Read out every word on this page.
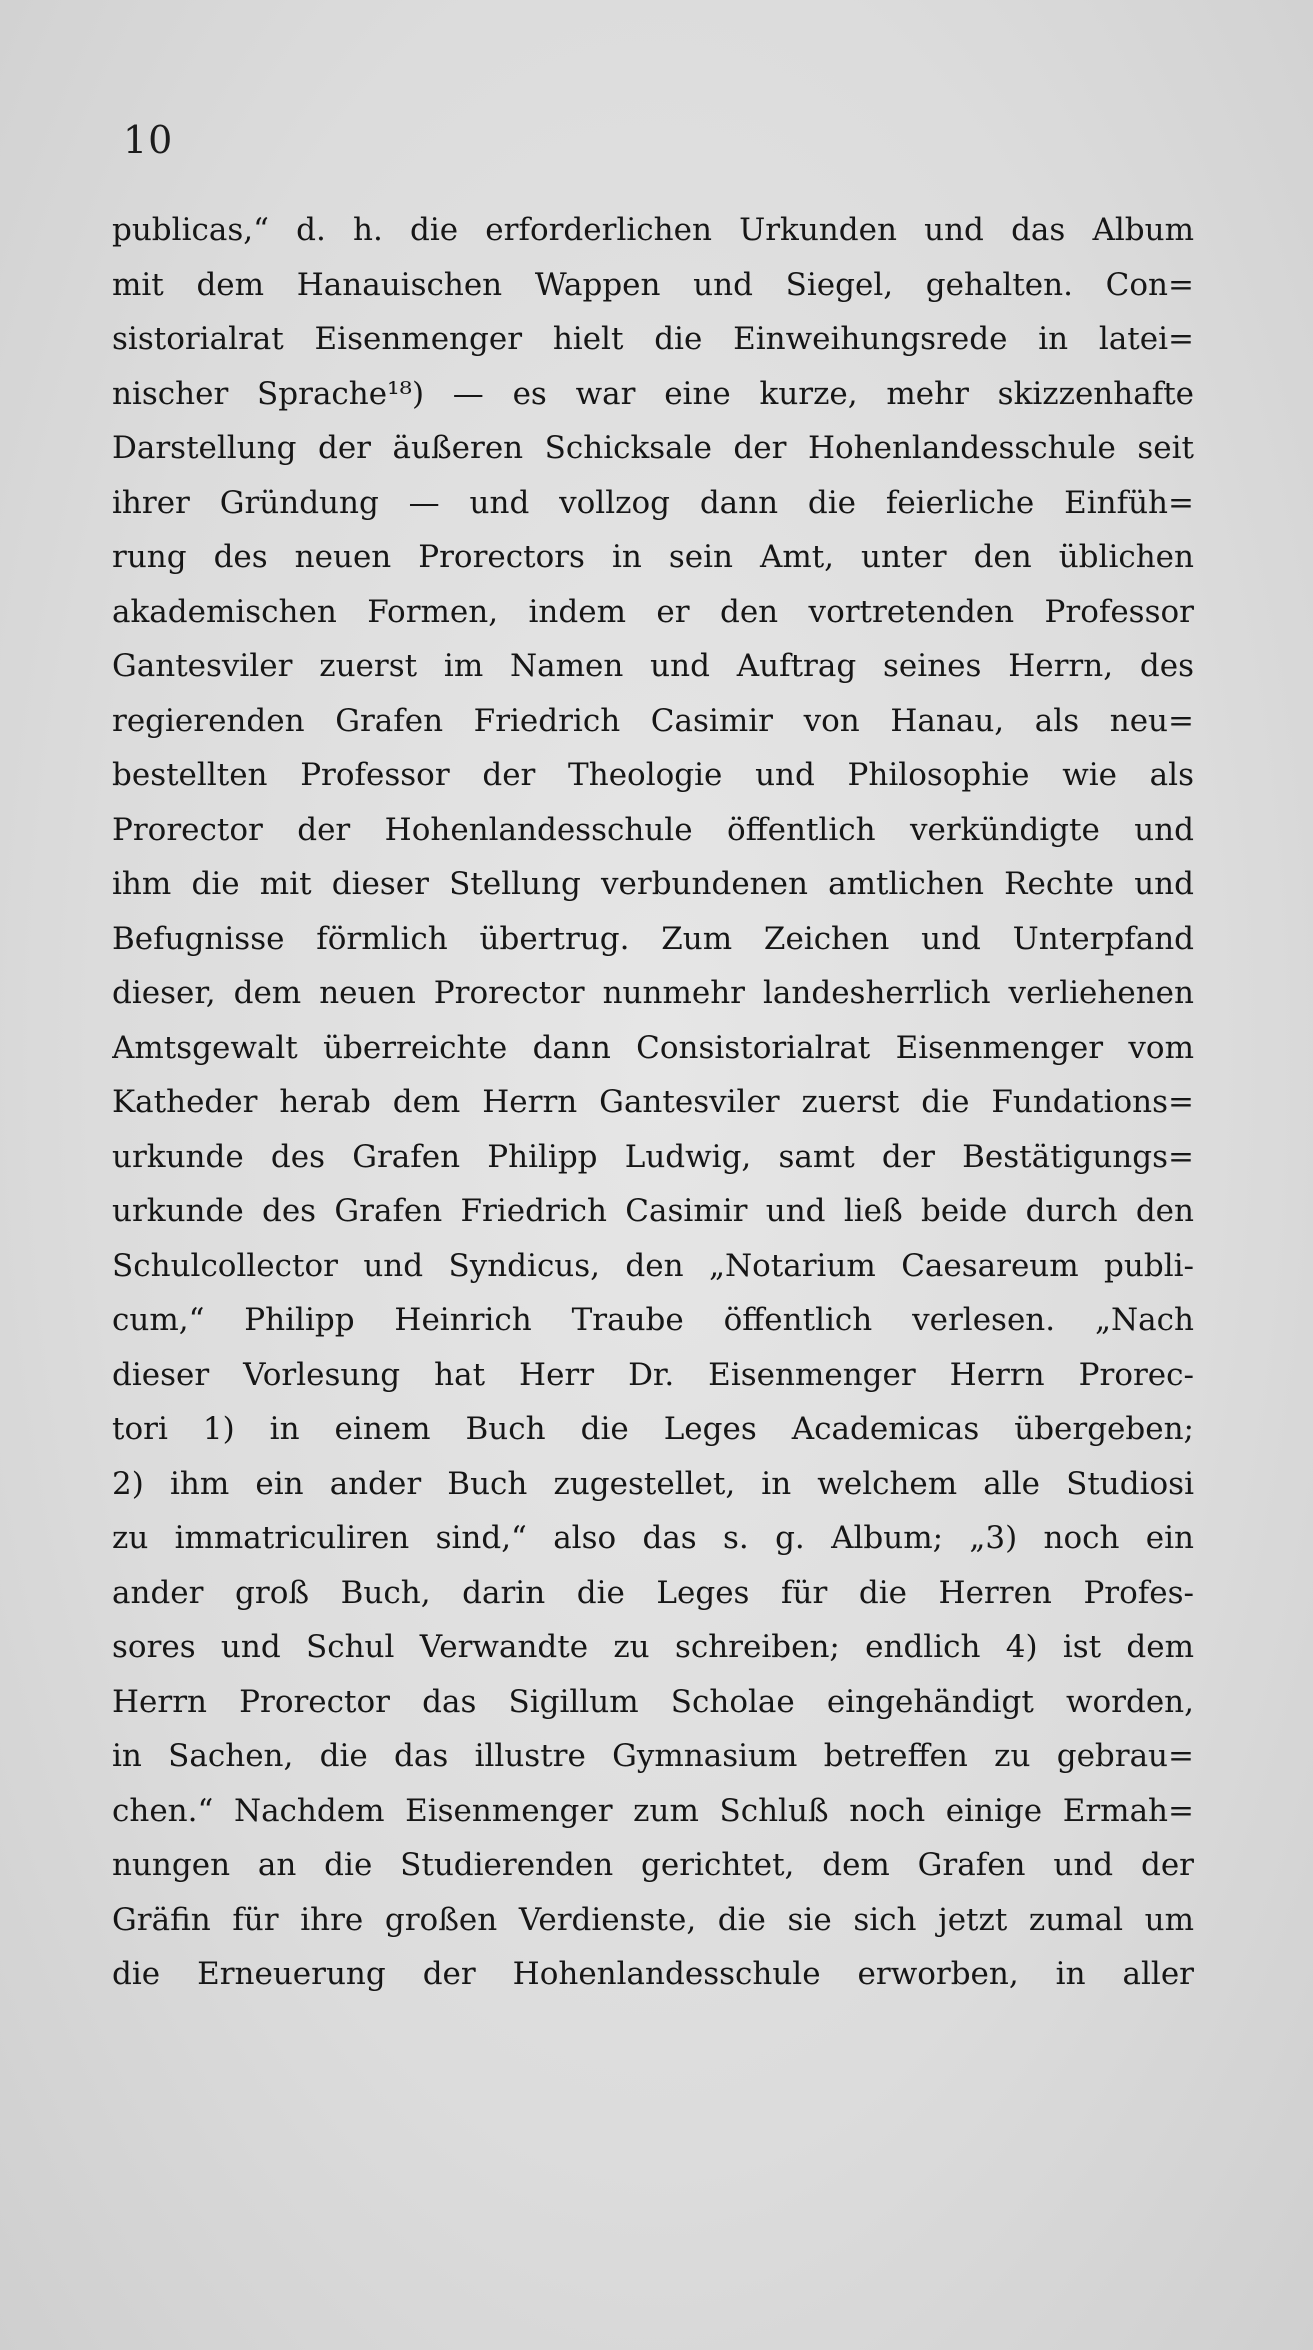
10
publicas,“ d. h. die erforderlichen Urkunden und das Album
mit dem Hanauischen Wappen und Siegel, gehalten. Con=
sistorialrat Eisenmenger hielt die Einweihungsrede in latei=
nischer Sprache¹⁸) — es war eine kurze, mehr skizzenhafte
Darstellung der äußeren Schicksale der Hohenlandesschule seit
ihrer Gründung — und vollzog dann die feierliche Einfüh=
rung des neuen Prorectors in sein Amt, unter den üblichen
akademischen Formen, indem er den vortretenden Professor
Gantesviler zuerst im Namen und Auftrag seines Herrn, des
regierenden Grafen Friedrich Casimir von Hanau, als neu=
bestellten Professor der Theologie und Philosophie wie als
Prorector der Hohenlandesschule öffentlich verkündigte und
ihm die mit dieser Stellung verbundenen amtlichen Rechte und
Befugnisse förmlich übertrug. Zum Zeichen und Unterpfand
dieser, dem neuen Prorector nunmehr landesherrlich verliehenen
Amtsgewalt überreichte dann Consistorialrat Eisenmenger vom
Katheder herab dem Herrn Gantesviler zuerst die Fundations=
urkunde des Grafen Philipp Ludwig, samt der Bestätigungs=
urkunde des Grafen Friedrich Casimir und ließ beide durch den
Schulcollector und Syndicus, den „Notarium Caesareum publi-
cum,“ Philipp Heinrich Traube öffentlich verlesen. „Nach
dieser Vorlesung hat Herr Dr. Eisenmenger Herrn Prorec-
tori 1) in einem Buch die Leges Academicas übergeben;
2) ihm ein ander Buch zugestellet, in welchem alle Studiosi
zu immatriculiren sind,“ also das s. g. Album; „3) noch ein
ander groß Buch, darin die Leges für die Herren Profes-
sores und Schul Verwandte zu schreiben; endlich 4) ist dem
Herrn Prorector das Sigillum Scholae eingehändigt worden,
in Sachen, die das illustre Gymnasium betreffen zu gebrau=
chen.“ Nachdem Eisenmenger zum Schluß noch einige Ermah=
nungen an die Studierenden gerichtet, dem Grafen und der
Gräfin für ihre großen Verdienste, die sie sich jetzt zumal um
die Erneuerung der Hohenlandesschule erworben, in aller
